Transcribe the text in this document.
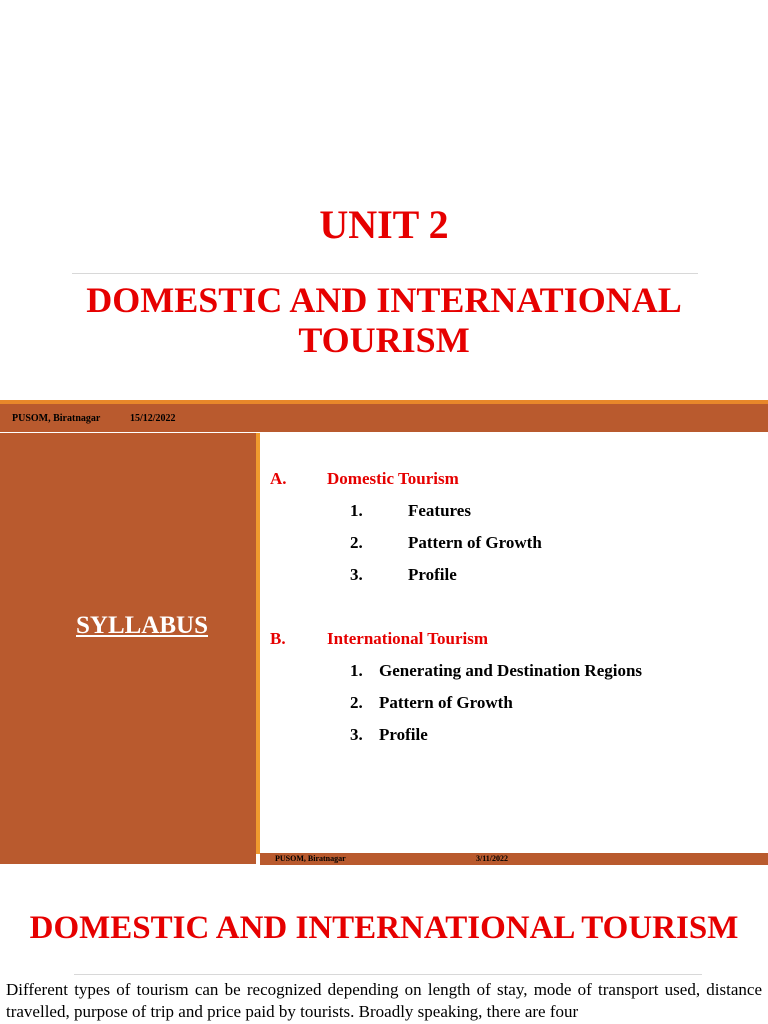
UNIT 2
DOMESTIC AND INTERNATIONAL
TOURISM
PUSOM, Biratnagar	15/12/2022
SYLLABUS
A. Domestic Tourism
1.	Features
2.	Pattern of Growth
3.	Profile
B. International Tourism
1. Generating and Destination Regions
2. Pattern of Growth
3. Profile
PUSOM, Biratnagar	3/11/2022
DOMESTIC AND INTERNATIONAL TOURISM
Different types of tourism can be recognized depending on length of stay, mode of transport used, distance travelled, purpose of trip and price paid by tourists. Broadly speaking, there are four
